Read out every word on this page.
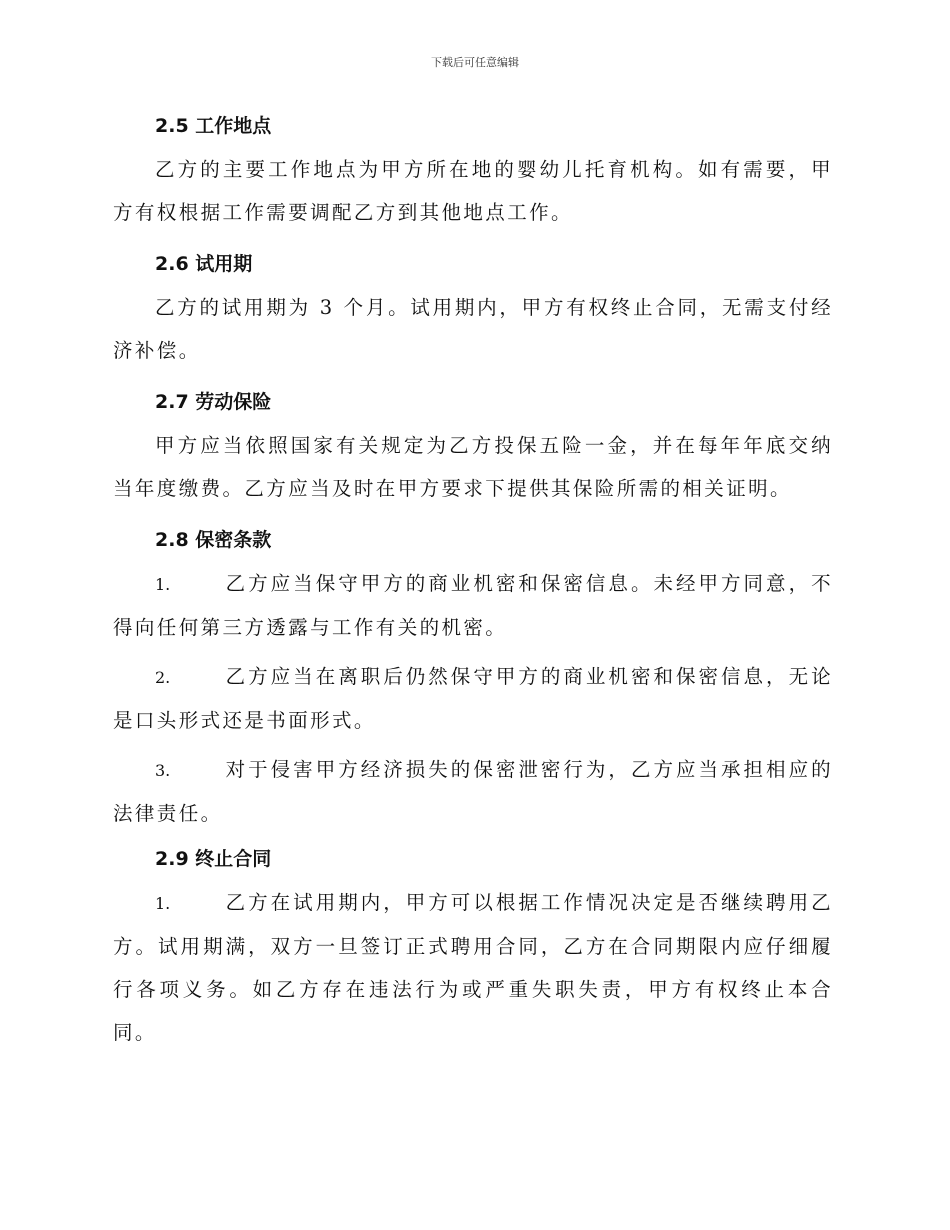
下载后可任意编辑
2.5 工作地点

乙方的主要工作地点为甲方所在地的婴幼儿托育机构。如有需要，甲方有权根据工作需要调配乙方到其他地点工作。

2.6 试用期

乙方的试用期为 3 个月。试用期内，甲方有权终止合同，无需支付经济补偿。

2.7 劳动保险

甲方应当依照国家有关规定为乙方投保五险一金，并在每年年底交纳当年度缴费。乙方应当及时在甲方要求下提供其保险所需的相关证明。

2.8 保密条款

1.	乙方应当保守甲方的商业机密和保密信息。未经甲方同意，不得向任何第三方透露与工作有关的机密。

2.	乙方应当在离职后仍然保守甲方的商业机密和保密信息，无论是口头形式还是书面形式。

3.	对于侵害甲方经济损失的保密泄密行为，乙方应当承担相应的法律责任。

2.9 终止合同

1.	乙方在试用期内，甲方可以根据工作情况决定是否继续聘用乙方。试用期满，双方一旦签订正式聘用合同，乙方在合同期限内应仔细履行各项义务。如乙方存在违法行为或严重失职失责，甲方有权终止本合同。
